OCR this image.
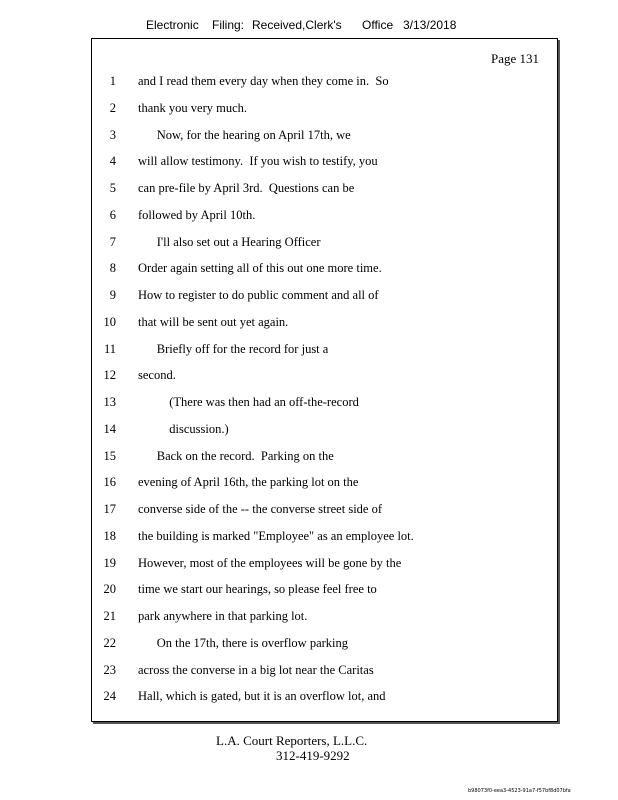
Electronic Filing: Received,Clerk's Office 3/13/2018
Page 131
1 and I read them every day when they come in.  So
2 thank you very much.
3 Now, for the hearing on April 17th, we
4 will allow testimony.  If you wish to testify, you
5 can pre-file by April 3rd.  Questions can be
6 followed by April 10th.
7 I'll also set out a Hearing Officer
8 Order again setting all of this out one more time.
9 How to register to do public comment and all of
10 that will be sent out yet again.
11 Briefly off for the record for just a
12 second.
13 (There was then had an off-the-record
14 discussion.)
15 Back on the record.  Parking on the
16 evening of April 16th, the parking lot on the
17 converse side of the -- the converse street side of
18 the building is marked "Employee" as an employee lot.
19 However, most of the employees will be gone by the
20 time we start our hearings, so please feel free to
21 park anywhere in that parking lot.
22 On the 17th, there is overflow parking
23 across the converse in a big lot near the Caritas
24 Hall, which is gated, but it is an overflow lot, and
L.A. Court Reporters, L.L.C.
312-419-9292
b98073f0-eea3-4523-91a7-f57bf8d07bfa
